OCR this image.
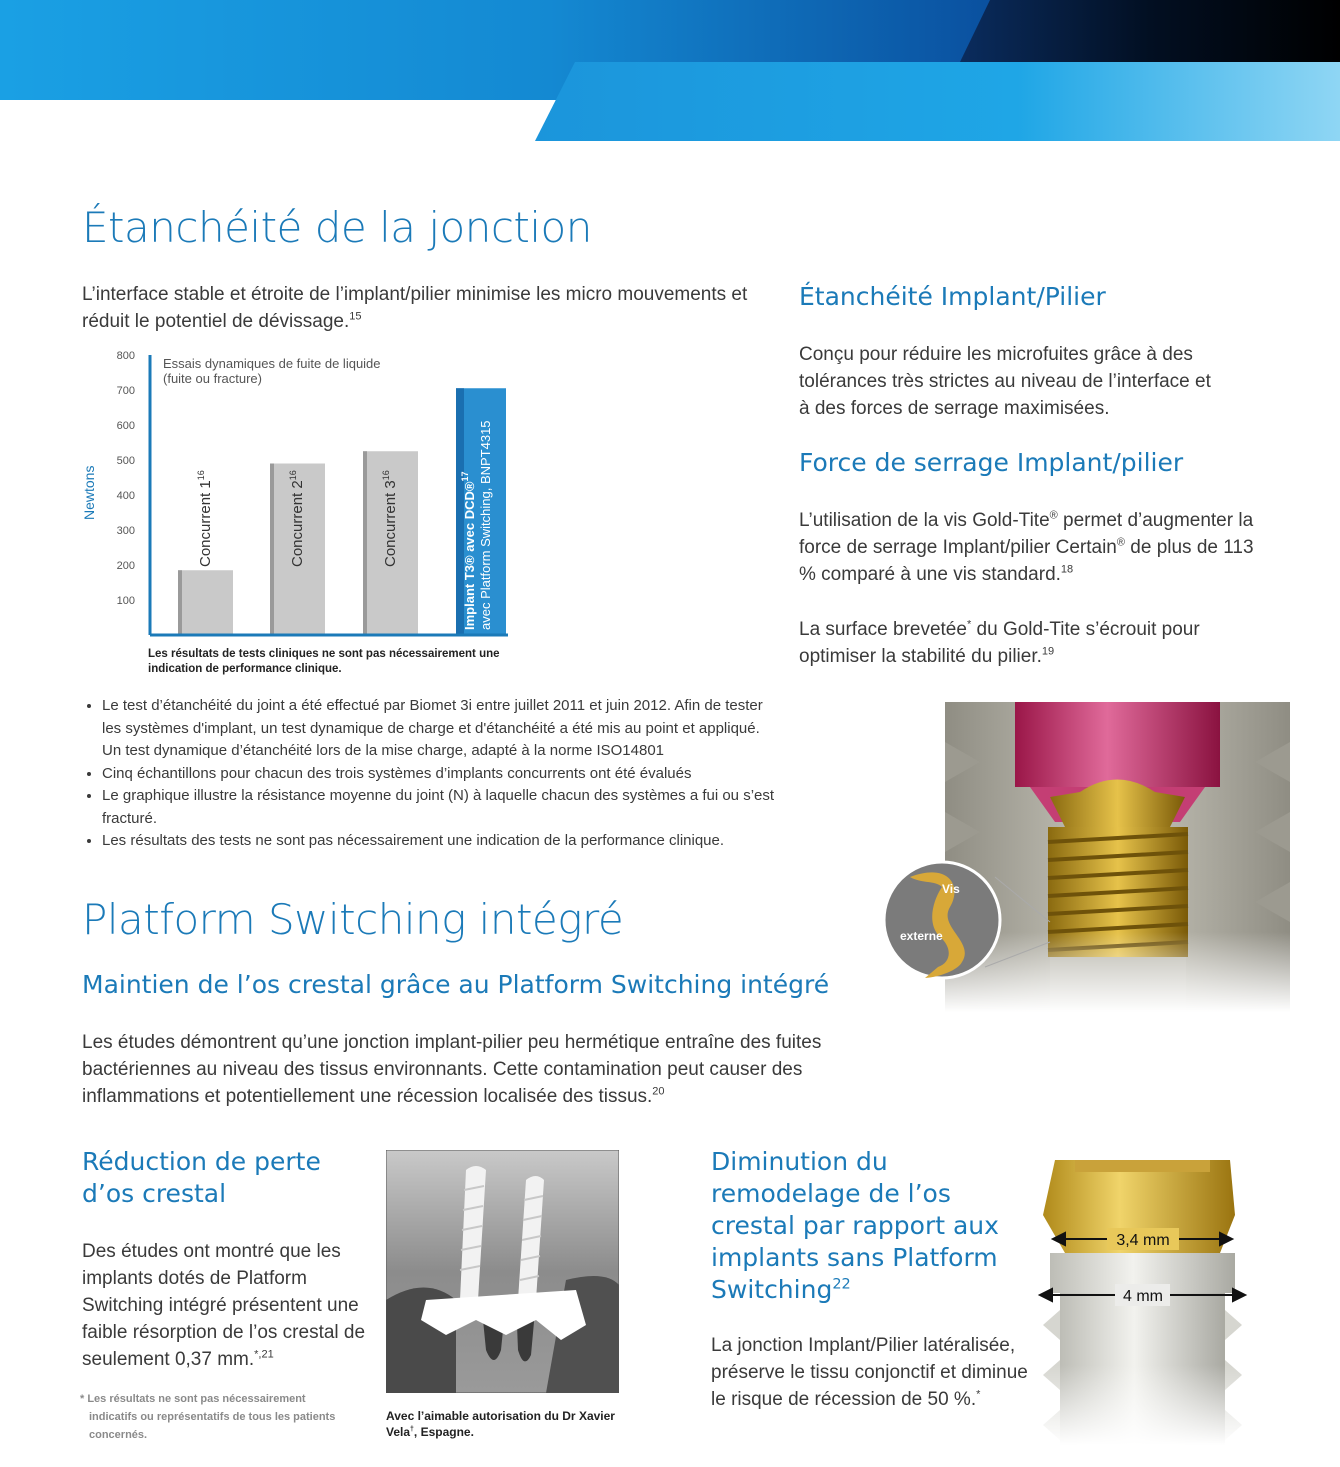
Étanchéité de la jonction
L’interface stable et étroite de l’implant/pilier minimise les micro mouvements et réduit le potentiel de dévissage.$^{15}$
100
200
300
400
500
600
700
800
Newtons
Essais dynamiques de fuite de liquide
(fuite ou fracture)
Concurrent $1^{16}$
Concurrent $2^{16}$
Concurrent $3^{16}$
Implant T3® avec DCD®$^{17}$ avec Platform Switching, BNPT4315
Les résultats de tests cliniques ne sont pas nécessairement une indication de performance clinique.
• Le test d’étanchéité du joint a été effectué par Biomet 3i entre juillet 2011 et juin 2012. Afin de tester les systèmes d'implant, un test dynamique de charge et d'étanchéité a été mis au point et appliqué. Un test dynamique d’étanchéité lors de la mise charge, adapté à la norme ISO14801
• Cinq échantillons pour chacun des trois systèmes d’implants concurrents ont été évalués
• Le graphique illustre la résistance moyenne du joint (N) à laquelle chacun des systèmes a fui ou s’est fracturé.
• Les résultats des tests ne sont pas nécessairement une indication de la performance clinique.
Étanchéité Implant/Pilier
Conçu pour réduire les microfuites grâce à des tolérances très strictes au niveau de l’interface et à des forces de serrage maximisées.
Force de serrage Implant/pilier
L’utilisation de la vis Gold-Tite® permet d’augmenter la force de serrage Implant/pilier Certain® de plus de 113 % comparé à une vis standard.$^{18}$
La surface brevetée* du Gold-Tite s’écrouit pour optimiser la stabilité du pilier.$^{19}$
Vis
externe
Platform Switching intégré
Maintien de l’os crestal grâce au Platform Switching intégré
Les études démontrent qu’une jonction implant-pilier peu hermétique entraîne des fuites bactériennes au niveau des tissus environnants. Cette contamination peut causer des inflammations et potentiellement une récession localisée des tissus.$^{20}$
Réduction de perte d’os crestal
Des études ont montré que les implants dotés de Platform Switching intégré présentent une faible résorption de l’os crestal de seulement 0,37 mm.$^{*,21}$
* Les résultats ne sont pas nécessairement indicatifs ou représentatifs de tous les patients concernés.
Avec l’aimable autorisation du Dr Xavier Vela†, Espagne.
Diminution du remodelage de l’os crestal par rapport aux implants sans Platform Switching$^{22}$
La jonction Implant/Pilier latéralisée, préserve le tissu conjonctif et diminue le risque de récession de 50 %.*
3,4 mm
4 mm
